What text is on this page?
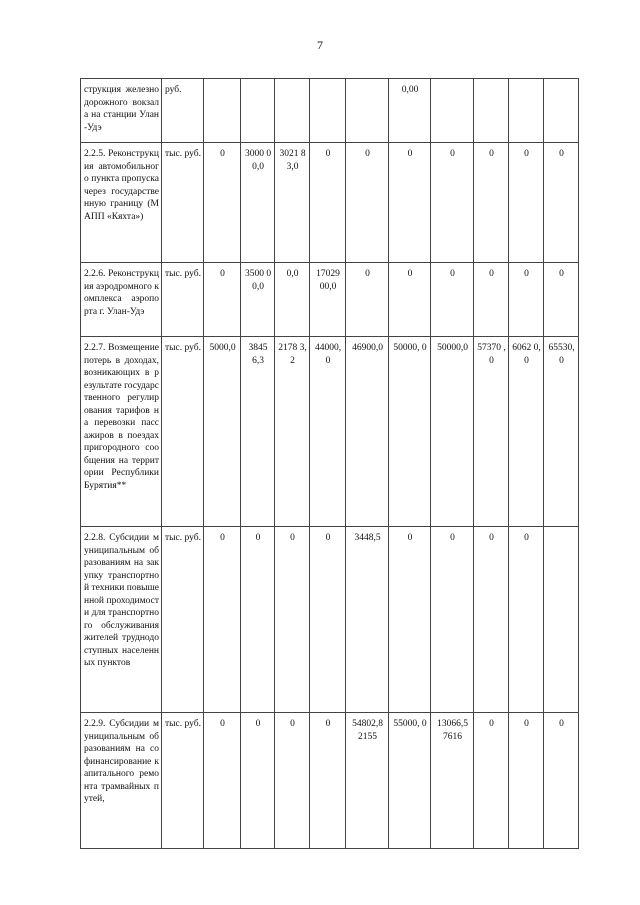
7
струкция железнодорожного вокзала на станции Улан-Удэ	руб.						0,00				
2.2.5. Реконструкция автомобильного пункта пропуска через государственную границу (МАПП «Кяхта»)	тыс. руб.	0	3000 00,0	3021 83,0	0	0	0	0	0	0	0
2.2.6. Реконструкция аэродромного комплекса аэропорта г. Улан-Удэ	тыс. руб.	0	3500 00,0	0,0	17029 00,0	0	0	0	0	0	0
2.2.7. Возмещение потерь в доходах, возникающих в результате государственного регулирования тарифов на перевозки пассажиров в поездах пригородного сообщения на территории Республики Бурятия**	тыс. руб.	5000,0	3845 6,3	2178 3,2	44000, 0	46900,0	50000, 0	50000,0	57370 ,0	6062 0,0	65530, 0
2.2.8. Субсидии муниципальным образованиям на закупку транспортной техники повышенной проходимости для транспортного обслуживания жителей труднодоступных населенных пунктов	тыс. руб.	0	0	0	0	3448,5	0	0	0	0	
2.2.9. Субсидии муниципальным образованиям на софинансирование капитального ремонта трамвайных путей,	тыс. руб.	0	0	0	0	54802,8 2155	55000, 0	13066,5 7616	0	0	0
